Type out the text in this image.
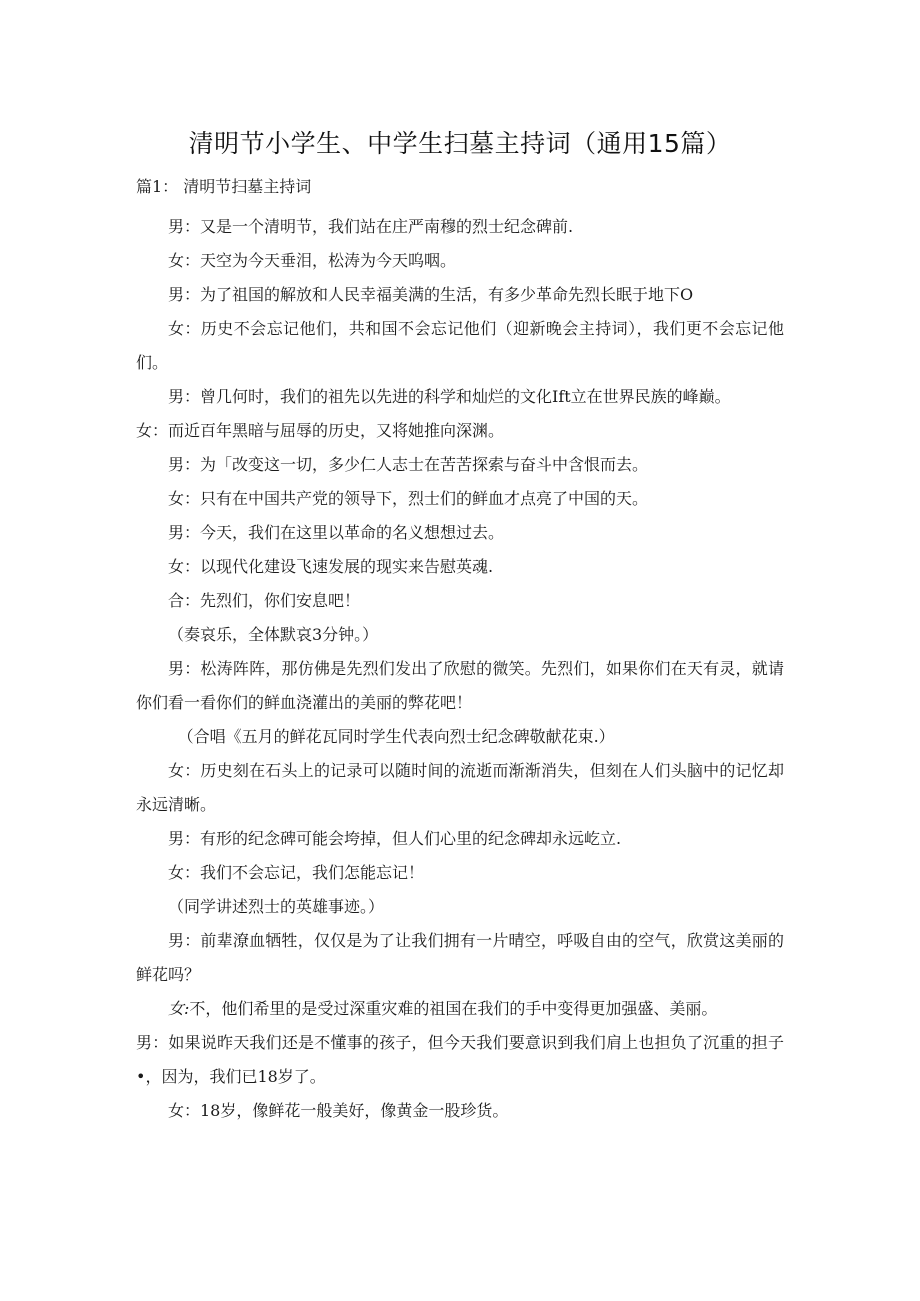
清明节小学生、中学生扫墓主持词（通用15篇）
篇1： 清明节扫墓主持词

男：又是一个清明节，我们站在庄严南穆的烈士纪念碑前.

女：天空为今天垂泪，松涛为今天呜咽。

男：为了祖国的解放和人民幸福美满的生活，有多少革命先烈长眠于地下O

女：历史不会忘记他们，共和国不会忘记他们（迎新晚会主持词），我们更不会忘记他们。

男：曾几何时，我们的祖先以先进的科学和灿烂的文化Ift立在世界民族的峰巅。

女：而近百年黑暗与屈辱的历史，又将她推向深渊。

男：为「改变这一切，多少仁人志士在苦苦探索与奋斗中含恨而去。

女：只有在中国共产党的领导下，烈士们的鲜血才点亮了中国的天。

男：今天，我们在这里以革命的名义想想过去。

女：以现代化建设飞速发展的现实来告慰英魂.

合：先烈们，你们安息吧！

（奏哀乐，全体默哀3分钟。）

男：松涛阵阵，那仿佛是先烈们发出了欣慰的微笑。先烈们，如果你们在天有灵，就请你们看一看你们的鲜血浇灌出的美丽的弊花吧！

（合唱《五月的鲜花瓦同时学生代表向烈士纪念碑敬献花束.）

女：历史刻在石头上的记录可以随时间的流逝而渐渐消失，但刻在人们头脑中的记忆却永远清晰。

男：有形的纪念碑可能会垮掉，但人们心里的纪念碑却永远屹立.

女：我们不会忘记，我们怎能忘记！

（同学讲述烈士的英雄事迹。）

男：前辈潦血牺牲，仅仅是为了让我们拥有一片晴空，呼吸自由的空气，欣赏这美丽的鲜花吗？

女:不，他们希里的是受过深重灾难的祖国在我们的手中变得更加强盛、美丽。

男：如果说昨天我们还是不懂事的孩子，但今天我们要意识到我们肩上也担负了沉重的担子•，因为，我们已18岁了。

女：18岁，像鲜花一般美好，像黄金一股珍货。
